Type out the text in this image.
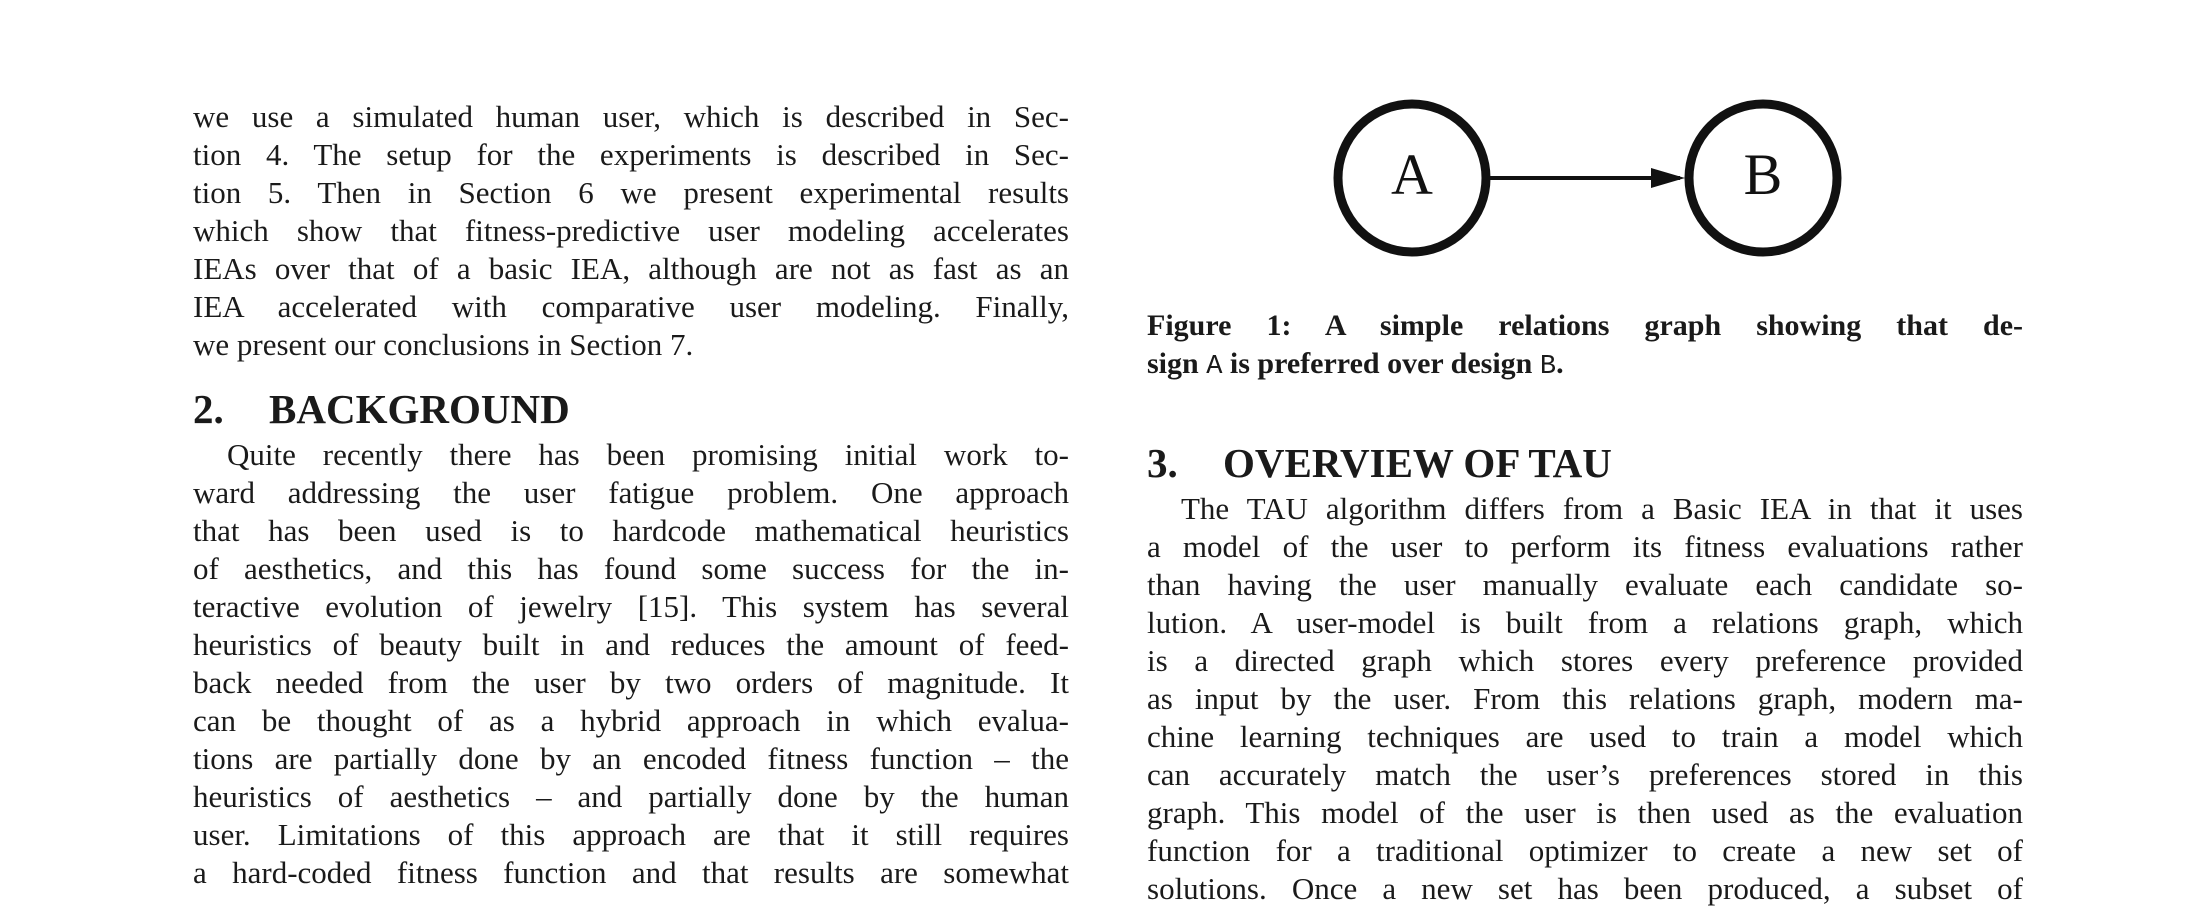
we use a simulated human user, which is described in Sec-
tion 4. The setup for the experiments is described in Sec-
tion 5. Then in Section 6 we present experimental results
which show that fitness-predictive user modeling accelerates
IEAs over that of a basic IEA, although are not as fast as an
IEA accelerated with comparative user modeling. Finally,
we present our conclusions in Section 7.
2. BACKGROUND
Quite recently there has been promising initial work to-
ward addressing the user fatigue problem. One approach
that has been used is to hardcode mathematical heuristics
of aesthetics, and this has found some success for the in-
teractive evolution of jewelry [15]. This system has several
heuristics of beauty built in and reduces the amount of feed-
back needed from the user by two orders of magnitude. It
can be thought of as a hybrid approach in which evalua-
tions are partially done by an encoded fitness function – the
heuristics of aesthetics – and partially done by the human
user. Limitations of this approach are that it still requires
a hard-coded fitness function and that results are somewhat
A	B
Figure 1: A simple relations graph showing that de-
sign A is preferred over design B.
3. OVERVIEW OF TAU
The TAU algorithm differs from a Basic IEA in that it uses
a model of the user to perform its fitness evaluations rather
than having the user manually evaluate each candidate so-
lution. A user-model is built from a relations graph, which
is a directed graph which stores every preference provided
as input by the user. From this relations graph, modern ma-
chine learning techniques are used to train a model which
can accurately match the user’s preferences stored in this
graph. This model of the user is then used as the evaluation
function for a traditional optimizer to create a new set of
solutions. Once a new set has been produced, a subset of
